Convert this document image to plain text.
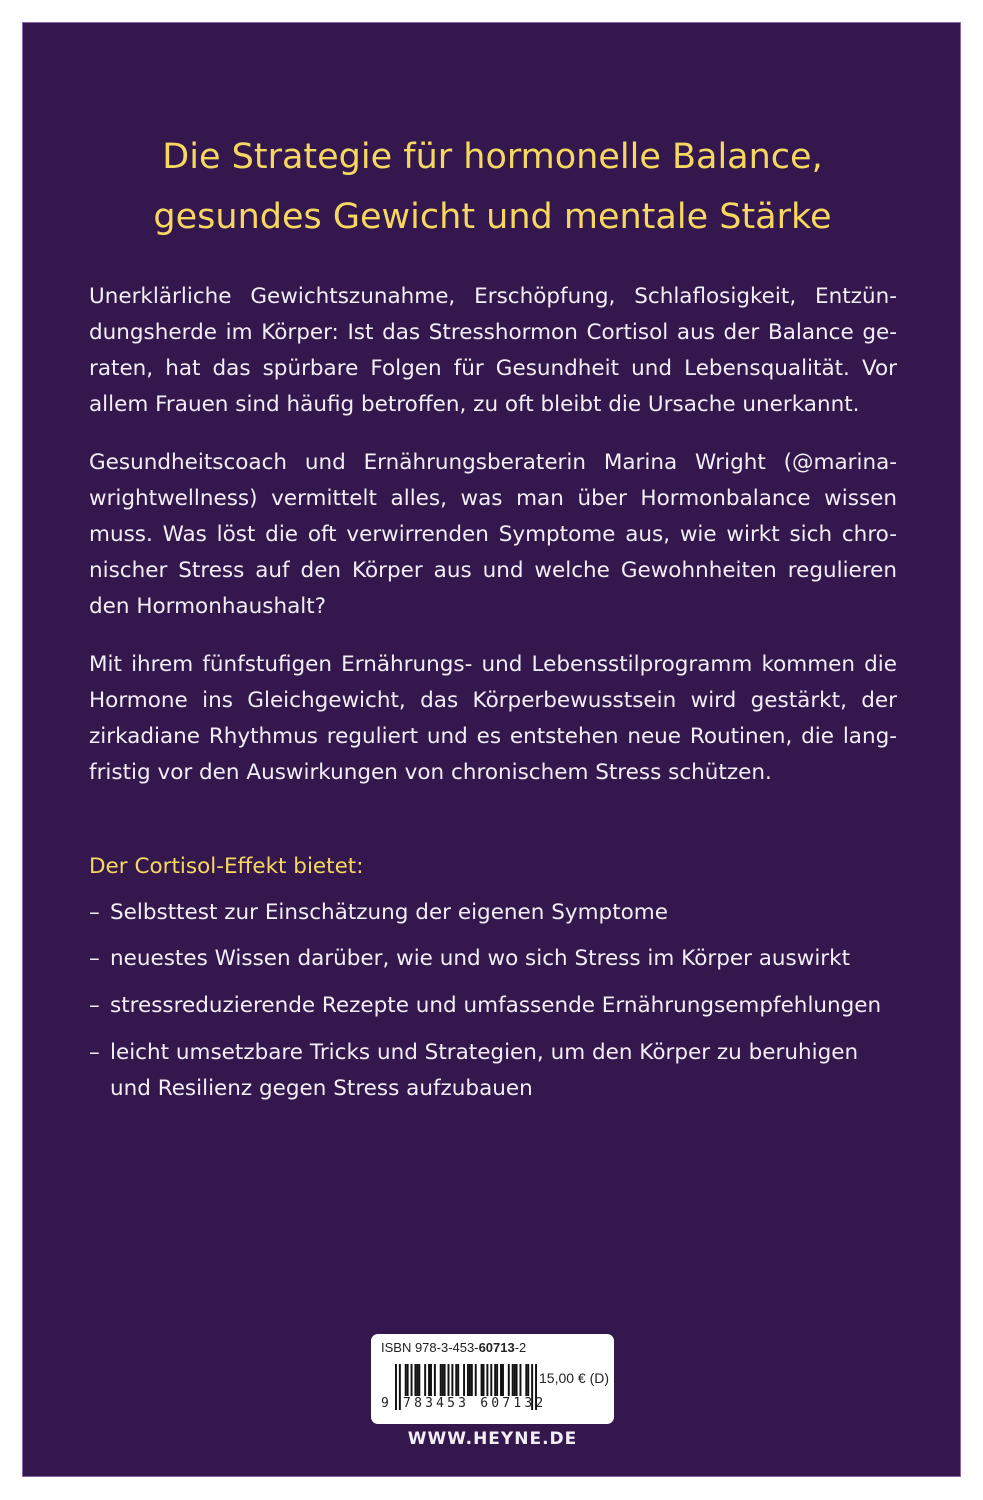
Die Strategie für hormonelle Balance,
gesundes Gewicht und mentale Stärke
Unerklärliche Gewichtszunahme, Erschöpfung, Schlaflosigkeit, Entzün-
dungsherde im Körper: Ist das Stresshormon Cortisol aus der Balance ge-
raten, hat das spürbare Folgen für Gesundheit und Lebensqualität. Vor
allem Frauen sind häufig betroffen, zu oft bleibt die Ursache unerkannt.
Gesundheitscoach und Ernährungsberaterin Marina Wright (@marina-
wrightwellness) vermittelt alles, was man über Hormonbalance wissen
muss. Was löst die oft verwirrenden Symptome aus, wie wirkt sich chro-
nischer Stress auf den Körper aus und welche Gewohnheiten regulieren
den Hormonhaushalt?
Mit ihrem fünfstufigen Ernährungs- und Lebensstilprogramm kommen die
Hormone ins Gleichgewicht, das Körperbewusstsein wird gestärkt, der
zirkadiane Rhythmus reguliert und es entstehen neue Routinen, die lang-
fristig vor den Auswirkungen von chronischem Stress schützen.
Der Cortisol-Effekt bietet:
– Selbsttest zur Einschätzung der eigenen Symptome
– neuestes Wissen darüber, wie und wo sich Stress im Körper auswirkt
– stressreduzierende Rezepte und umfassende Ernährungsempfehlungen
– leicht umsetzbare Tricks und Strategien, um den Körper zu beruhigen
und Resilienz gegen Stress aufzubauen
ISBN 978-3-453-60713-2
9 783453 607132
15,00 € (D)
WWW.HEYNE.DE
